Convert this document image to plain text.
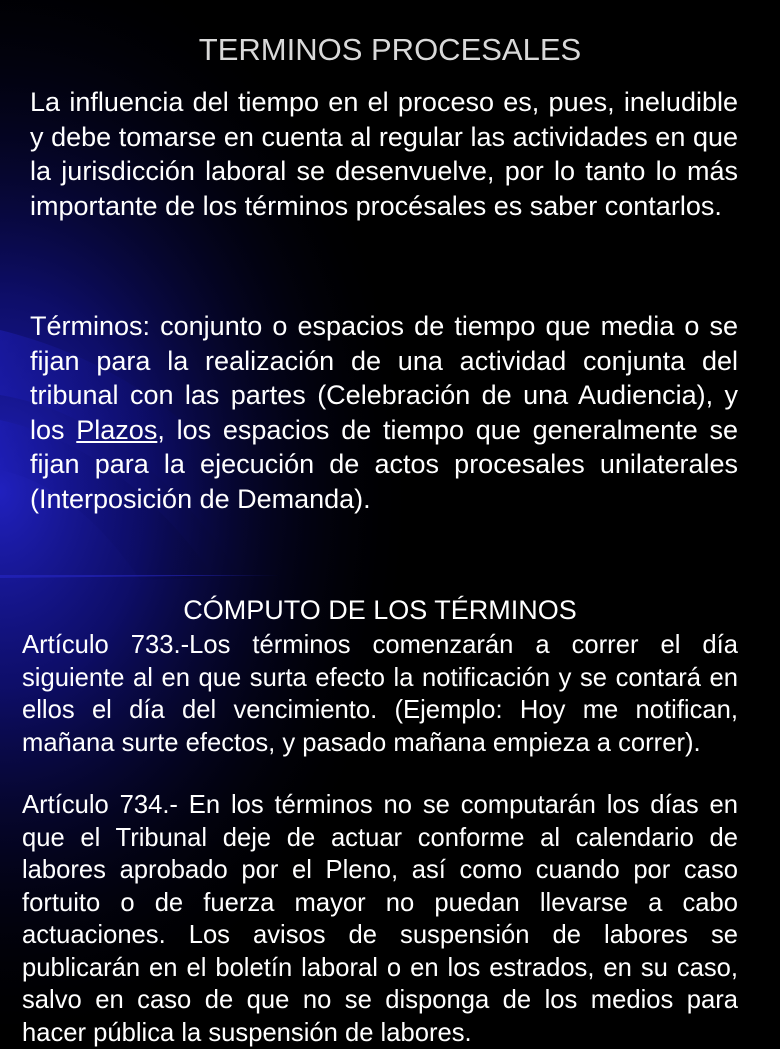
TERMINOS PROCESALES
La influencia del tiempo en el proceso es, pues, ineludible y debe tomarse en cuenta al regular las actividades en que la jurisdicción laboral se desenvuelve, por lo tanto lo más importante de los términos procésales es saber contarlos.
Términos: conjunto o espacios de tiempo que media o se fijan para la realización de una actividad conjunta del tribunal con las partes (Celebración de una Audiencia), y los Plazos, los espacios de tiempo que generalmente se fijan para la ejecución de actos procesales unilaterales (Interposición de Demanda).
CÓMPUTO DE LOS TÉRMINOS
Artículo 733.-Los términos comenzarán a correr el día siguiente al en que surta efecto la notificación y se contará en ellos el día del vencimiento. (Ejemplo: Hoy me notifican, mañana surte efectos, y pasado mañana empieza a correr).
Artículo 734.- En los términos no se computarán los días en que el Tribunal deje de actuar conforme al calendario de labores aprobado por el Pleno, así como cuando por caso fortuito o de fuerza mayor no puedan llevarse a cabo actuaciones. Los avisos de suspensión de labores se publicarán en el boletín laboral o en los estrados, en su caso, salvo en caso de que no se disponga de los medios para hacer pública la suspensión de labores.
